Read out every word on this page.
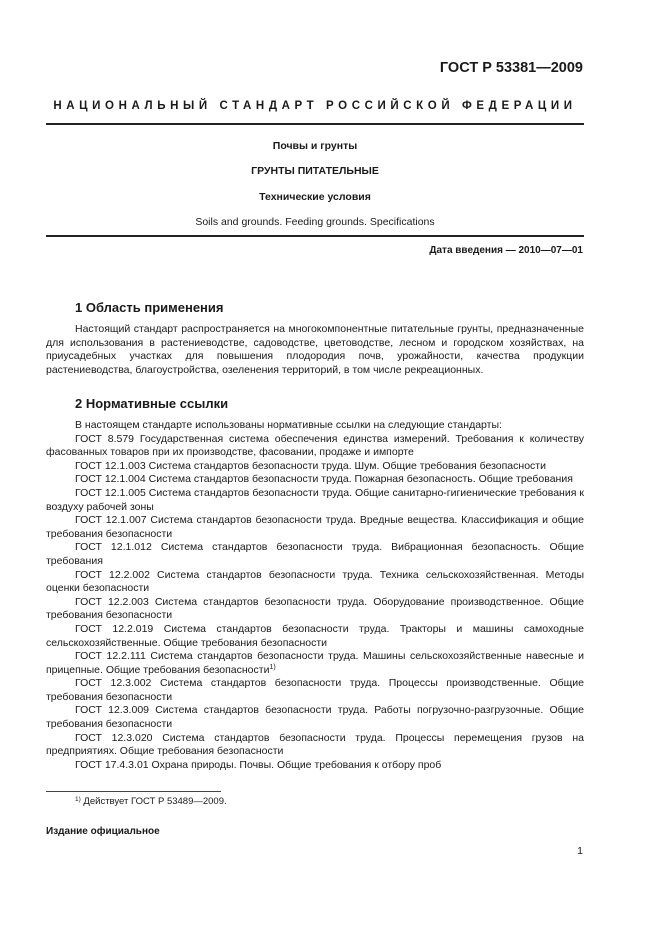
ГОСТ Р 53381—2009
НАЦИОНАЛЬНЫЙ СТАНДАРТ РОССИЙСКОЙ ФЕДЕРАЦИИ
Почвы и грунты
ГРУНТЫ ПИТАТЕЛЬНЫЕ
Технические условия
Soils and grounds. Feeding grounds. Specifications
Дата введения — 2010—07—01
1 Область применения

Настоящий стандарт распространяется на многокомпонентные питательные грунты, предназначенные для использования в растениеводстве, садоводстве, цветоводстве, лесном и городском хозяйствах, на приусадебных участках для повышения плодородия почв, урожайности, качества продукции растениеводства, благоустройства, озеленения территорий, в том числе рекреационных.

2 Нормативные ссылки

В настоящем стандарте использованы нормативные ссылки на следующие стандарты:

ГОСТ 8.579 Государственная система обеспечения единства измерений. Требования к количеству фасованных товаров при их производстве, фасовании, продаже и импорте

ГОСТ 12.1.003 Система стандартов безопасности труда. Шум. Общие требования безопасности

ГОСТ 12.1.004 Система стандартов безопасности труда. Пожарная безопасность. Общие требования

ГОСТ 12.1.005 Система стандартов безопасности труда. Общие санитарно-гигиенические требования к воздуху рабочей зоны

ГОСТ 12.1.007 Система стандартов безопасности труда. Вредные вещества. Классификация и общие требования безопасности

ГОСТ 12.1.012 Система стандартов безопасности труда. Вибрационная безопасность. Общие требования

ГОСТ 12.2.002 Система стандартов безопасности труда. Техника сельскохозяйственная. Методы оценки безопасности

ГОСТ 12.2.003 Система стандартов безопасности труда. Оборудование производственное. Общие требования безопасности

ГОСТ 12.2.019 Система стандартов безопасности труда. Тракторы и машины самоходные сельскохозяйственные. Общие требования безопасности

ГОСТ 12.2.111 Система стандартов безопасности труда. Машины сельскохозяйственные навесные и прицепные. Общие требования безопасности$^{1)}$

ГОСТ 12.3.002 Система стандартов безопасности труда. Процессы производственные. Общие требования безопасности

ГОСТ 12.3.009 Система стандартов безопасности труда. Работы погрузочно-разгрузочные. Общие требования безопасности

ГОСТ 12.3.020 Система стандартов безопасности труда. Процессы перемещения грузов на предприятиях. Общие требования безопасности

ГОСТ 17.4.3.01 Охрана природы. Почвы. Общие требования к отбору проб

$^{1)}$ Действует ГОСТ Р 53489—2009.
Издание официальное
1
